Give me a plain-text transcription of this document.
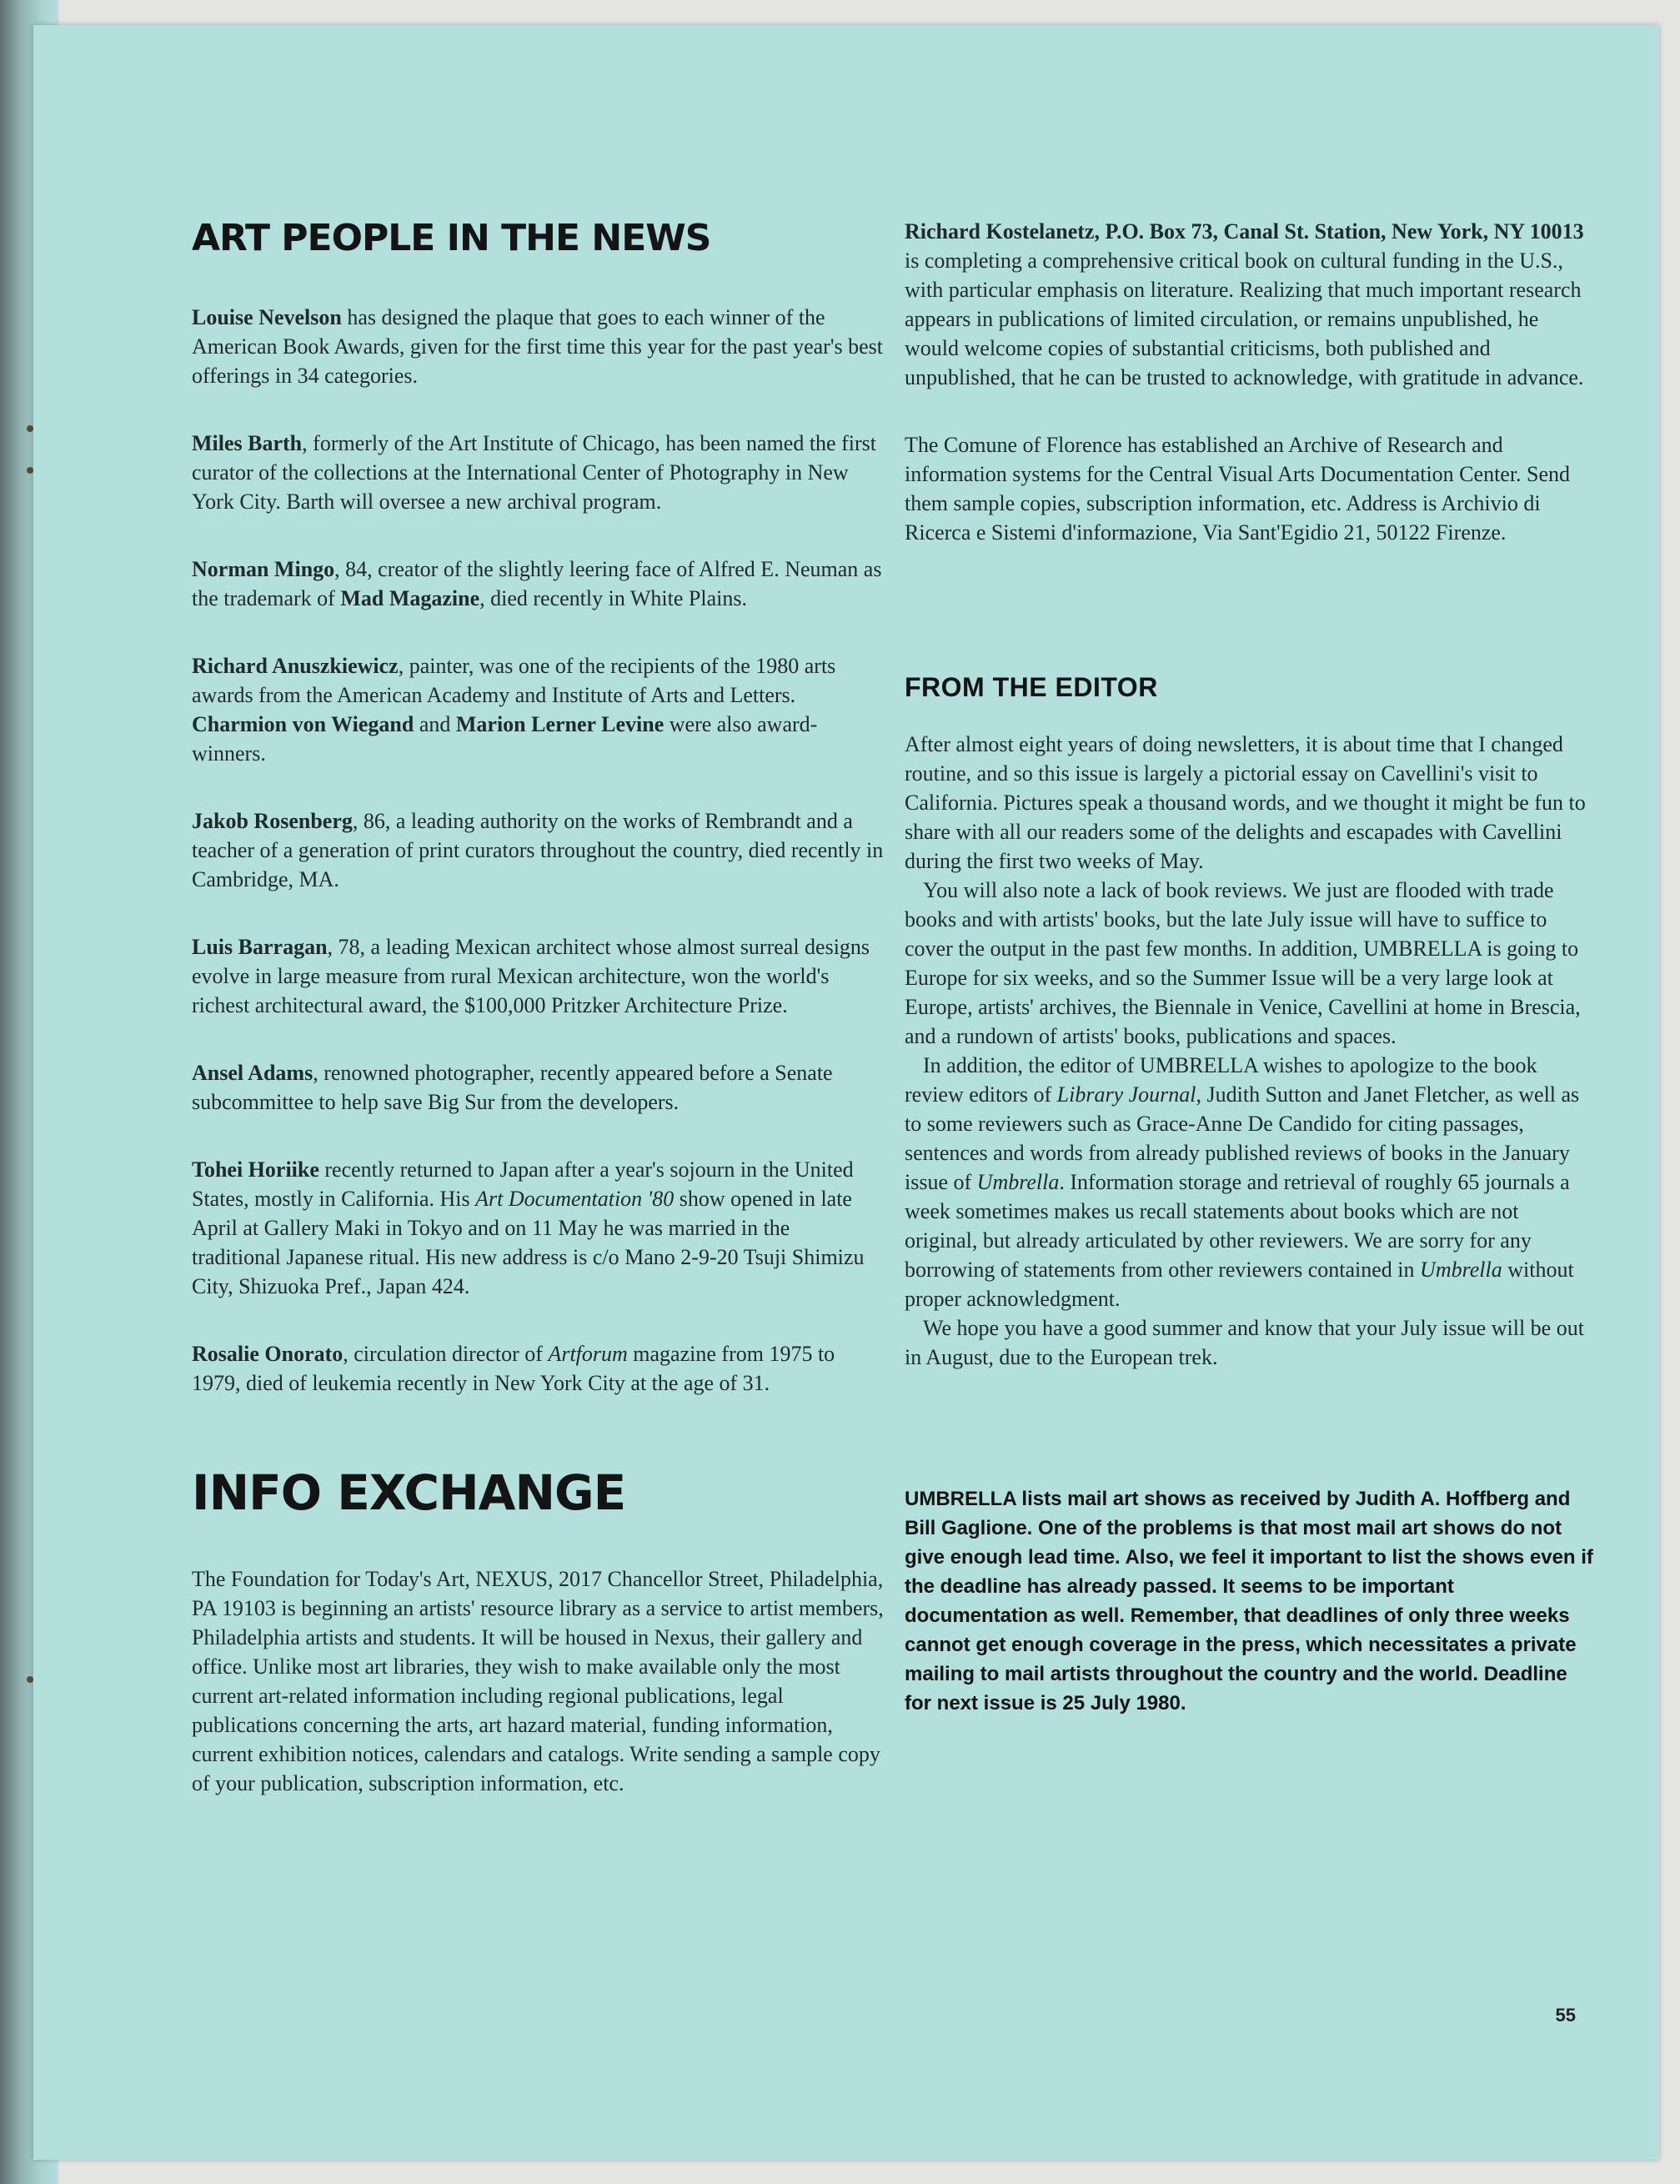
ART PEOPLE IN THE NEWS

Louise Nevelson has designed the plaque that goes to each winner of the American Book Awards, given for the first time this year for the past year's best offerings in 34 categories.

Miles Barth, formerly of the Art Institute of Chicago, has been named the first curator of the collections at the International Center of Photography in New York City. Barth will oversee a new archival program.

Norman Mingo, 84, creator of the slightly leering face of Alfred E. Neuman as the trademark of Mad Magazine, died recently in White Plains.

Richard Anuszkiewicz, painter, was one of the recipients of the 1980 arts awards from the American Academy and Institute of Arts and Letters. Charmion von Wiegand and Marion Lerner Levine were also award-winners.

Jakob Rosenberg, 86, a leading authority on the works of Rembrandt and a teacher of a generation of print curators throughout the country, died recently in Cambridge, MA.

Luis Barragan, 78, a leading Mexican architect whose almost surreal designs evolve in large measure from rural Mexican architecture, won the world's richest architectural award, the $100,000 Pritzker Architecture Prize.

Ansel Adams, renowned photographer, recently appeared before a Senate subcommittee to help save Big Sur from the developers.

Tohei Horiike recently returned to Japan after a year's sojourn in the United States, mostly in California. His Art Documentation '80 show opened in late April at Gallery Maki in Tokyo and on 11 May he was married in the traditional Japanese ritual. His new address is c/o Mano 2-9-20 Tsuji Shimizu City, Shizuoka Pref., Japan 424.

Rosalie Onorato, circulation director of Artforum magazine from 1975 to 1979, died of leukemia recently in New York City at the age of 31.

INFO EXCHANGE

The Foundation for Today's Art, NEXUS, 2017 Chancellor Street, Philadelphia, PA 19103 is beginning an artists' resource library as a service to artist members, Philadelphia artists and students. It will be housed in Nexus, their gallery and office. Unlike most art libraries, they wish to make available only the most current art-related information including regional publications, legal publications concerning the arts, art hazard material, funding information, current exhibition notices, calendars and catalogs. Write sending a sample copy of your publication, subscription information, etc.

Richard Kostelanetz, P.O. Box 73, Canal St. Station, New York, NY 10013 is completing a comprehensive critical book on cultural funding in the U.S., with particular emphasis on literature. Realizing that much important research appears in publications of limited circulation, or remains unpublished, he would welcome copies of substantial criticisms, both published and unpublished, that he can be trusted to acknowledge, with gratitude in advance.

The Comune of Florence has established an Archive of Research and information systems for the Central Visual Arts Documentation Center. Send them sample copies, subscription information, etc. Address is Archivio di Ricerca e Sistemi d'informazione, Via Sant'Egidio 21, 50122 Firenze.

FROM THE EDITOR

After almost eight years of doing newsletters, it is about time that I changed routine, and so this issue is largely a pictorial essay on Cavellini's visit to California. Pictures speak a thousand words, and we thought it might be fun to share with all our readers some of the delights and escapades with Cavellini during the first two weeks of May.

You will also note a lack of book reviews. We just are flooded with trade books and with artists' books, but the late July issue will have to suffice to cover the output in the past few months. In addition, UMBRELLA is going to Europe for six weeks, and so the Summer Issue will be a very large look at Europe, artists' archives, the Biennale in Venice, Cavellini at home in Brescia, and a rundown of artists' books, publications and spaces.

In addition, the editor of UMBRELLA wishes to apologize to the book review editors of Library Journal, Judith Sutton and Janet Fletcher, as well as to some reviewers such as Grace-Anne De Candido for citing passages, sentences and words from already published reviews of books in the January issue of Umbrella. Information storage and retrieval of roughly 65 journals a week sometimes makes us recall statements about books which are not original, but already articulated by other reviewers. We are sorry for any borrowing of statements from other reviewers contained in Umbrella without proper acknowledgment.

We hope you have a good summer and know that your July issue will be out in August, due to the European trek.

UMBRELLA lists mail art shows as received by Judith A. Hoffberg and Bill Gaglione. One of the problems is that most mail art shows do not give enough lead time. Also, we feel it important to list the shows even if the deadline has already passed. It seems to be important documentation as well. Remember, that deadlines of only three weeks cannot get enough coverage in the press, which necessitates a private mailing to mail artists throughout the country and the world. Deadline for next issue is 25 July 1980.

55
